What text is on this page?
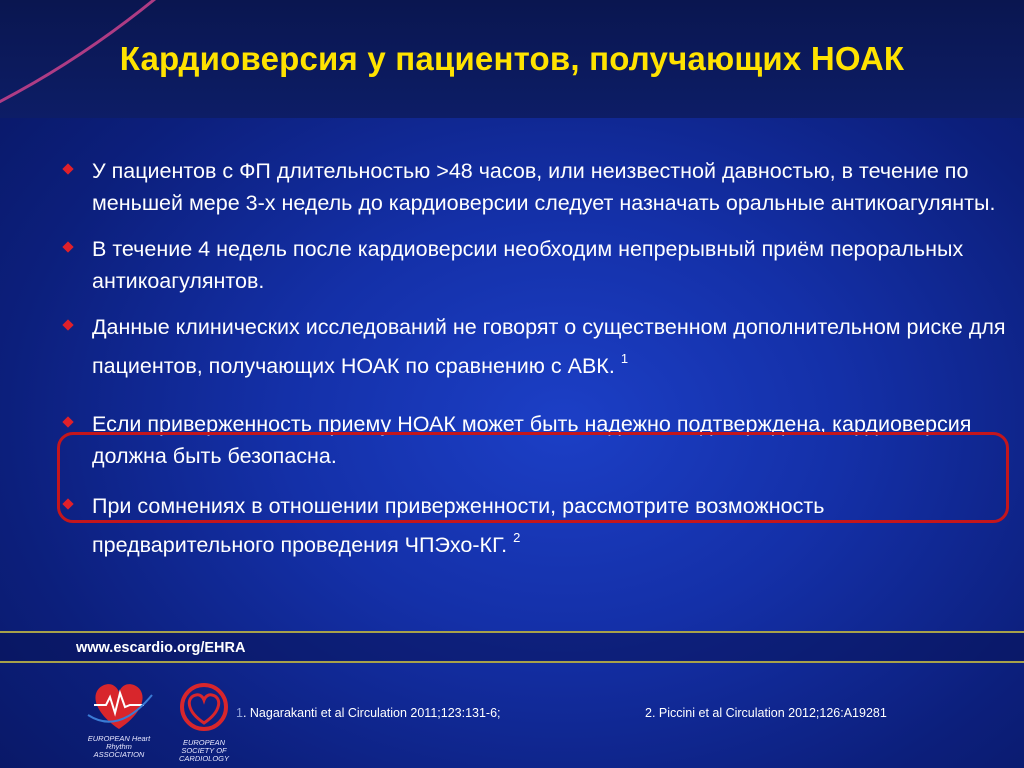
Кардиоверсия у пациентов, получающих НОАК
У пациентов с ФП длительностью >48 часов, или неизвестной давностью, в течение по меньшей мере 3-х недель до кардиоверсии следует назначать оральные антикоагулянты.
В течение 4 недель после кардиоверсии необходим непрерывный приём пероральных антикоагулянтов.
Данные клинических исследований не говорят о существенном дополнительном риске для пациентов, получающих НОАК по сравнению с АВК. $^1$
Если приверженность приему НОАК может быть надежно подтверждена, кардиоверсия должна быть безопасна.
При сомнениях в отношении приверженности, рассмотрите возможность предварительного проведения ЧПЭхо-КГ. $^2$
www.escardio.org/EHRA
EUROPEAN Heart Rhythm ASSOCIATION
EUROPEAN SOCIETY OF CARDIOLOGY
1. Nagarakanti et al Circulation 2011;123:131-6;	2. Piccini et al Circulation 2012;126:A19281
